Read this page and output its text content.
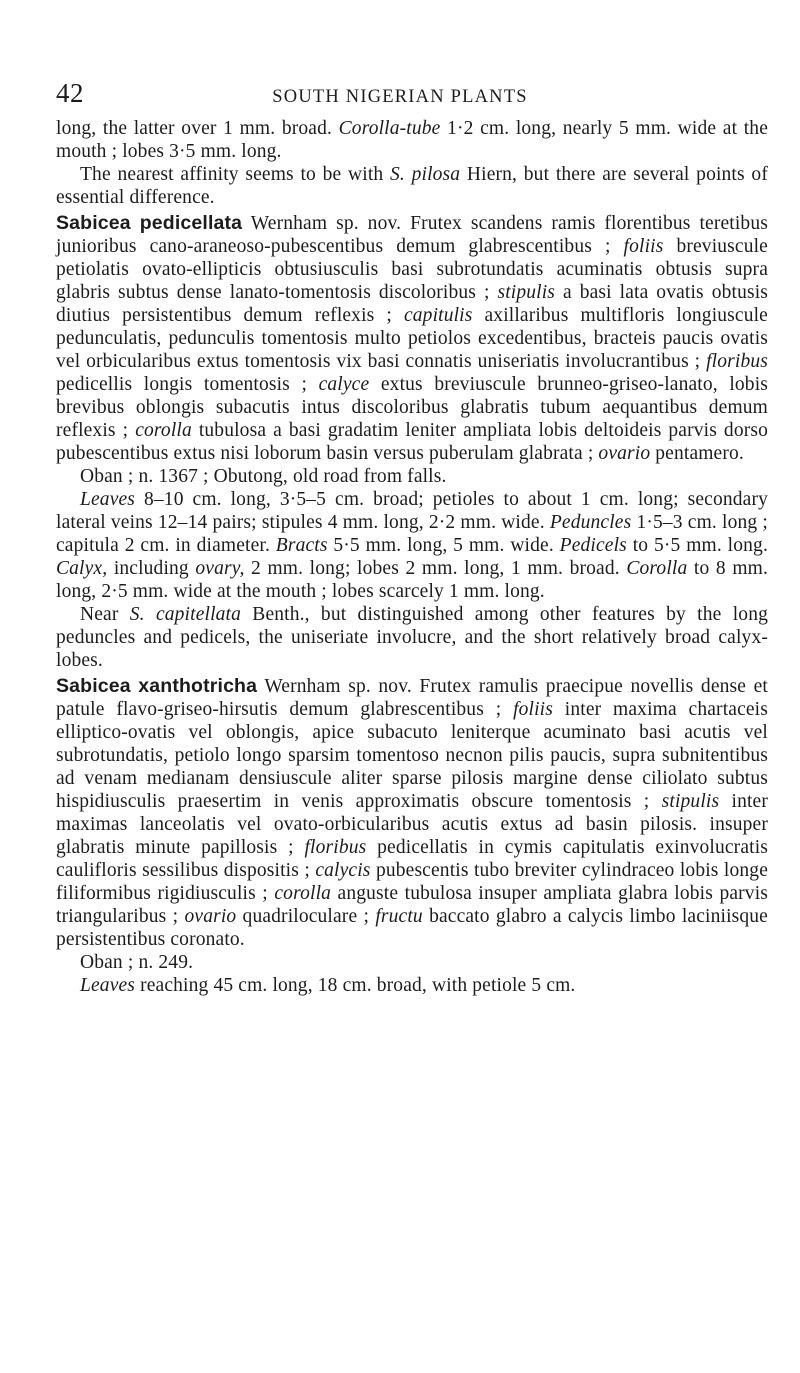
42	SOUTH NIGERIAN PLANTS

long, the latter over 1 mm. broad. Corolla-tube 1·2 cm. long, nearly 5 mm. wide at the mouth ; lobes 3·5 mm. long.

The nearest affinity seems to be with S. pilosa Hiern, but there are several points of essential difference.

Sabicea pedicellata Wernham sp. nov. Frutex scandens ramis florentibus teretibus junioribus cano-araneoso-pubescentibus demum glabrescentibus ; foliis breviuscule petiolatis ovato-ellipticis obtusiusculis basi subrotundatis acuminatis obtusis supra glabris subtus dense lanato-tomentosis discoloribus ; stipulis a basi lata ovatis obtusis diutius persistentibus demum reflexis ; capitulis axillaribus multifloris longiuscule pedunculatis, pedunculis tomentosis multo petiolos excedentibus, bracteis paucis ovatis vel orbicularibus extus tomentosis vix basi connatis uniseriatis involucrantibus ; floribus pedicellis longis tomentosis ; calyce extus breviuscule brunneo-griseo-lanato, lobis brevibus oblongis subacutis intus discoloribus glabratis tubum aequantibus demum reflexis ; corolla tubulosa a basi gradatim leniter ampliata lobis deltoideis parvis dorso pubescentibus extus nisi loborum basin versus puberulam glabrata ; ovario pentamero.

Oban ; n. 1367 ; Obutong, old road from falls.

Leaves 8–10 cm. long, 3·5–5 cm. broad; petioles to about 1 cm. long; secondary lateral veins 12–14 pairs; stipules 4 mm. long, 2·2 mm. wide. Peduncles 1·5–3 cm. long ; capitula 2 cm. in diameter. Bracts 5·5 mm. long, 5 mm. wide. Pedicels to 5·5 mm. long. Calyx, including ovary, 2 mm. long; lobes 2 mm. long, 1 mm. broad. Corolla to 8 mm. long, 2·5 mm. wide at the mouth ; lobes scarcely 1 mm. long.

Near S. capitellata Benth., but distinguished among other features by the long peduncles and pedicels, the uniseriate involucre, and the short relatively broad calyx-lobes.

Sabicea xanthotricha Wernham sp. nov. Frutex ramulis praecipue novellis dense et patule flavo-griseo-hirsutis demum glabrescentibus ; foliis inter maxima chartaceis elliptico-ovatis vel oblongis, apice subacuto leniterque acuminato basi acutis vel subrotundatis, petiolo longo sparsim tomentoso necnon pilis paucis, supra subnitentibus ad venam medianam densiuscule aliter sparse pilosis margine dense ciliolato subtus hispidiusculis praesertim in venis approximatis obscure tomentosis ; stipulis inter maximas lanceolatis vel ovato-orbicularibus acutis extus ad basin pilosis. insuper glabratis minute papillosis ; floribus pedicellatis in cymis capitulatis exinvolucratis caulifloris sessilibus dispositis ; calycis pubescentis tubo breviter cylindraceo lobis longe filiformibus rigidiusculis ; corolla anguste tubulosa insuper ampliata glabra lobis parvis triangularibus ; ovario quadriloculare ; fructu baccato glabro a calycis limbo laciniisque persistentibus coronato.

Oban ; n. 249.

Leaves reaching 45 cm. long, 18 cm. broad, with petiole 5 cm.
